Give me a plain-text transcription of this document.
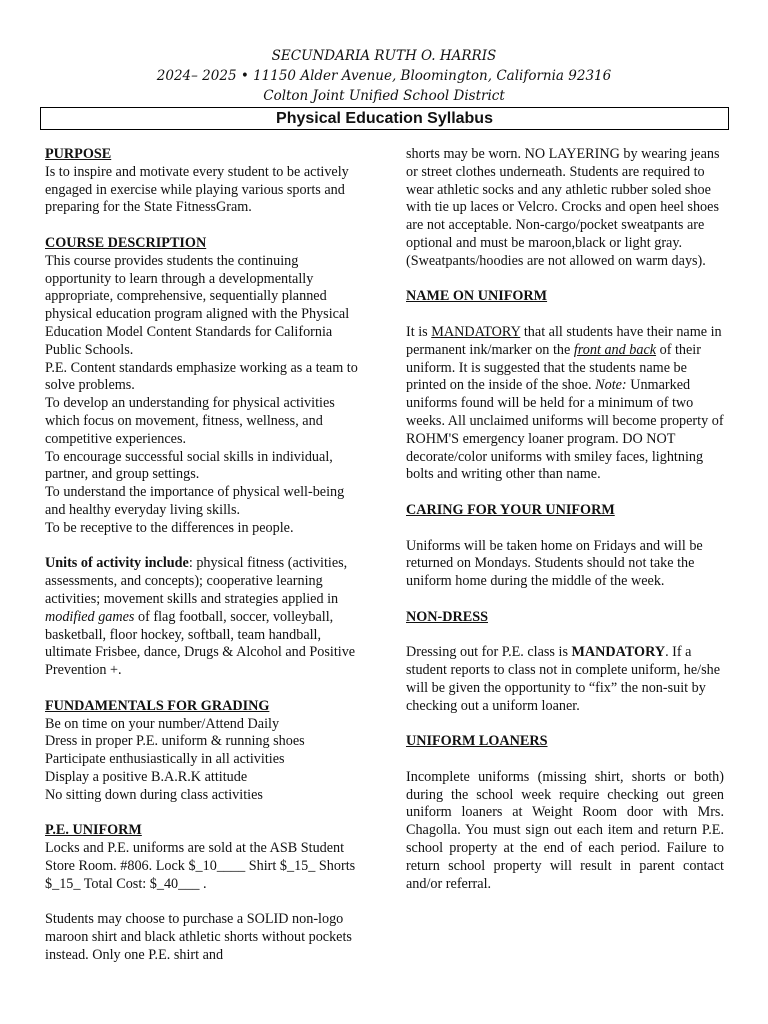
SECUNDARIA RUTH O. HARRIS
2024– 2025 • 11150 Alder Avenue, Bloomington, California 92316
Colton Joint Unified School District
Physical Education Syllabus

PURPOSE

Is to inspire and motivate every student to be actively engaged in exercise while playing various sports and preparing for the State FitnessGram.

COURSE DESCRIPTION

This course provides students the continuing opportunity to learn through a developmentally appropriate, comprehensive, sequentially planned physical education program aligned with the Physical Education Model Content Standards for California Public Schools.

P.E. Content standards emphasize working as a team to solve problems.

To develop an understanding for physical activities which focus on movement, fitness, wellness, and competitive experiences.

To encourage successful social skills in individual, partner, and group settings.

To understand the importance of physical well-being and healthy everyday living skills.

To be receptive to the differences in people.

Units of activity include: physical fitness (activities, assessments, and concepts); cooperative learning activities; movement skills and strategies applied in modified games of flag football, soccer, volleyball, basketball, floor hockey, softball, team handball, ultimate Frisbee, dance, Drugs & Alcohol and Positive Prevention +.

FUNDAMENTALS FOR GRADING

Be on time on your number/Attend Daily

Dress in proper P.E. uniform & running shoes

Participate enthusiastically in all activities

Display a positive B.A.R.K attitude

No sitting down during class activities

P.E. UNIFORM

Locks and P.E. uniforms are sold at the ASB Student Store Room. #806. Lock $_10____ Shirt $_15_ Shorts $_15_ Total Cost: $_40___ .

Students may choose to purchase a SOLID non-logo maroon shirt and black athletic shorts without pockets instead. Only one P.E. shirt and

shorts may be worn. NO LAYERING by wearing jeans or street clothes underneath. Students are required to wear athletic socks and any athletic rubber soled shoe with tie up laces or Velcro. Crocks and open heel shoes are not acceptable. Non-cargo/pocket sweatpants are optional and must be maroon,black or light gray. (Sweatpants/hoodies are not allowed on warm days).

NAME ON UNIFORM

It is MANDATORY that all students have their name in permanent ink/marker on the front and back of their uniform. It is suggested that the students name be printed on the inside of the shoe. Note: Unmarked uniforms found will be held for a minimum of two weeks. All unclaimed uniforms will become property of ROHM'S emergency loaner program. DO NOT decorate/color uniforms with smiley faces, lightning bolts and writing other than name.

CARING FOR YOUR UNIFORM

Uniforms will be taken home on Fridays and will be returned on Mondays. Students should not take the uniform home during the middle of the week.

NON-DRESS

Dressing out for P.E. class is MANDATORY. If a student reports to class not in complete uniform, he/she will be given the opportunity to “fix” the non-suit by checking out a uniform loaner.

UNIFORM LOANERS

Incomplete uniforms (missing shirt, shorts or both) during the school week require checking out green uniform loaners at Weight Room door with Mrs. Chagolla. You must sign out each item and return P.E. school property at the end of each period. Failure to return school property will result in parent contact and/or referral.
